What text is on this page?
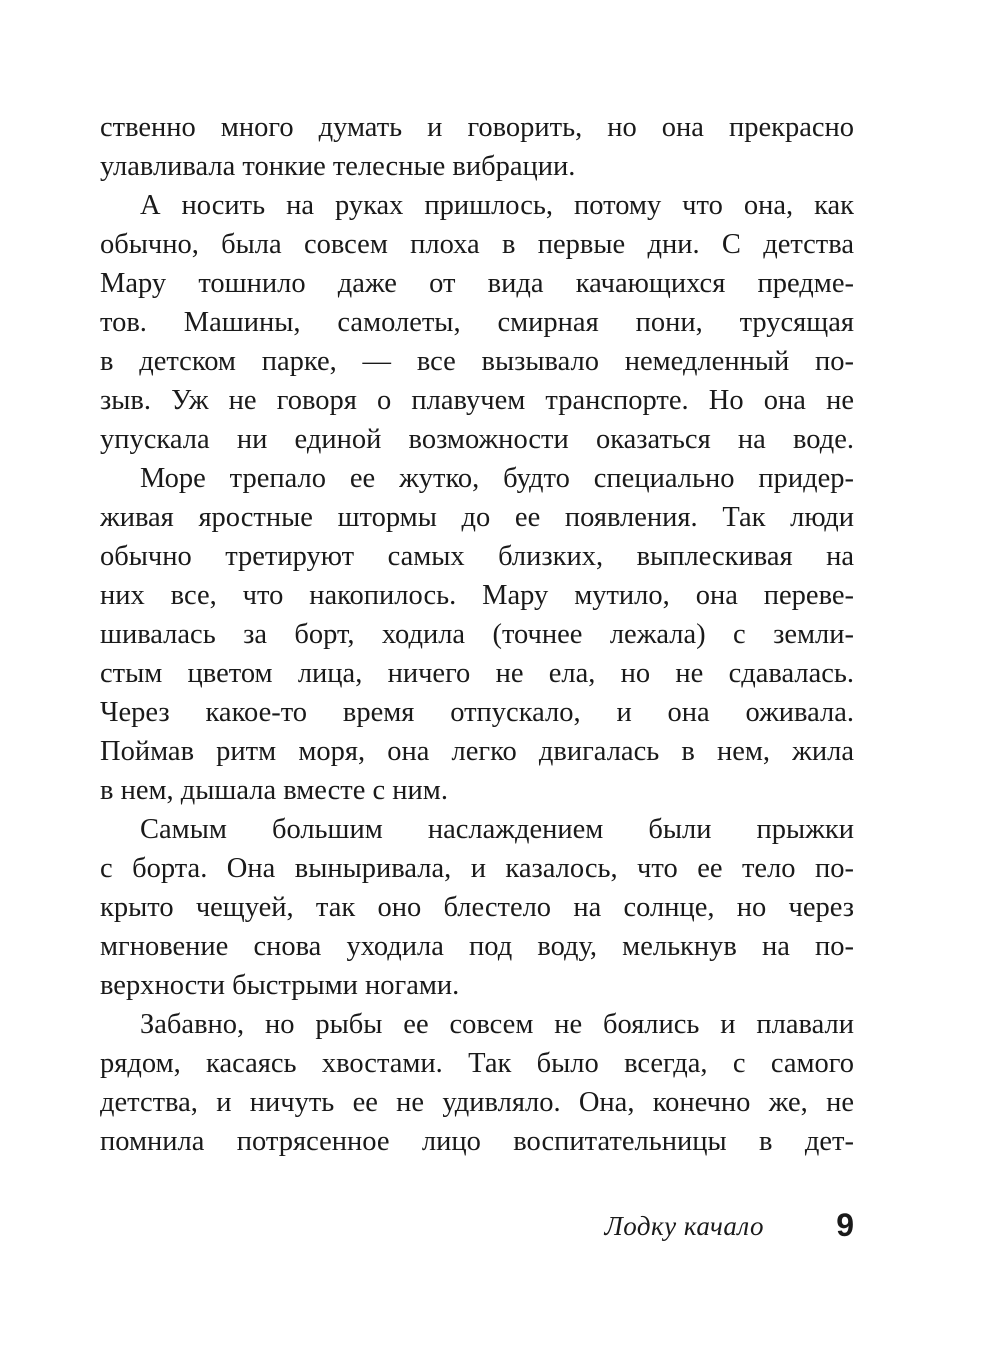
ственно много думать и говорить, но она прекрасно
улавливала тонкие телесные вибрации.
А носить на руках пришлось, потому что она, как
обычно, была совсем плоха в первые дни. С детства
Мару тошнило даже от вида качающихся предме-
тов. Машины, самолеты, смирная пони, трусящая
в детском парке, — все вызывало немедленный по-
зыв. Уж не говоря о плавучем транспорте. Но она не
упускала ни единой возможности оказаться на воде.
Море трепало ее жутко, будто специально придер-
живая яростные штормы до ее появления. Так люди
обычно третируют самых близких, выплескивая на
них все, что накопилось. Мару мутило, она переве-
шивалась за борт, ходила (точнее лежала) с земли-
стым цветом лица, ничего не ела, но не сдавалась.
Через какое-то время отпускало, и она оживала.
Поймав ритм моря, она легко двигалась в нем, жила
в нем, дышала вместе с ним.
Самым большим наслаждением были прыжки
с борта. Она выныривала, и казалось, что ее тело по-
крыто чещуей, так оно блестело на солнце, но через
мгновение снова уходила под воду, мелькнув на по-
верхности быстрыми ногами.
Забавно, но рыбы ее совсем не боялись и плавали
рядом, касаясь хвостами. Так было всегда, с самого
детства, и ничуть ее не удивляло. Она, конечно же, не
помнила потрясенное лицо воспитательницы в дет-
Лодку качало 9
